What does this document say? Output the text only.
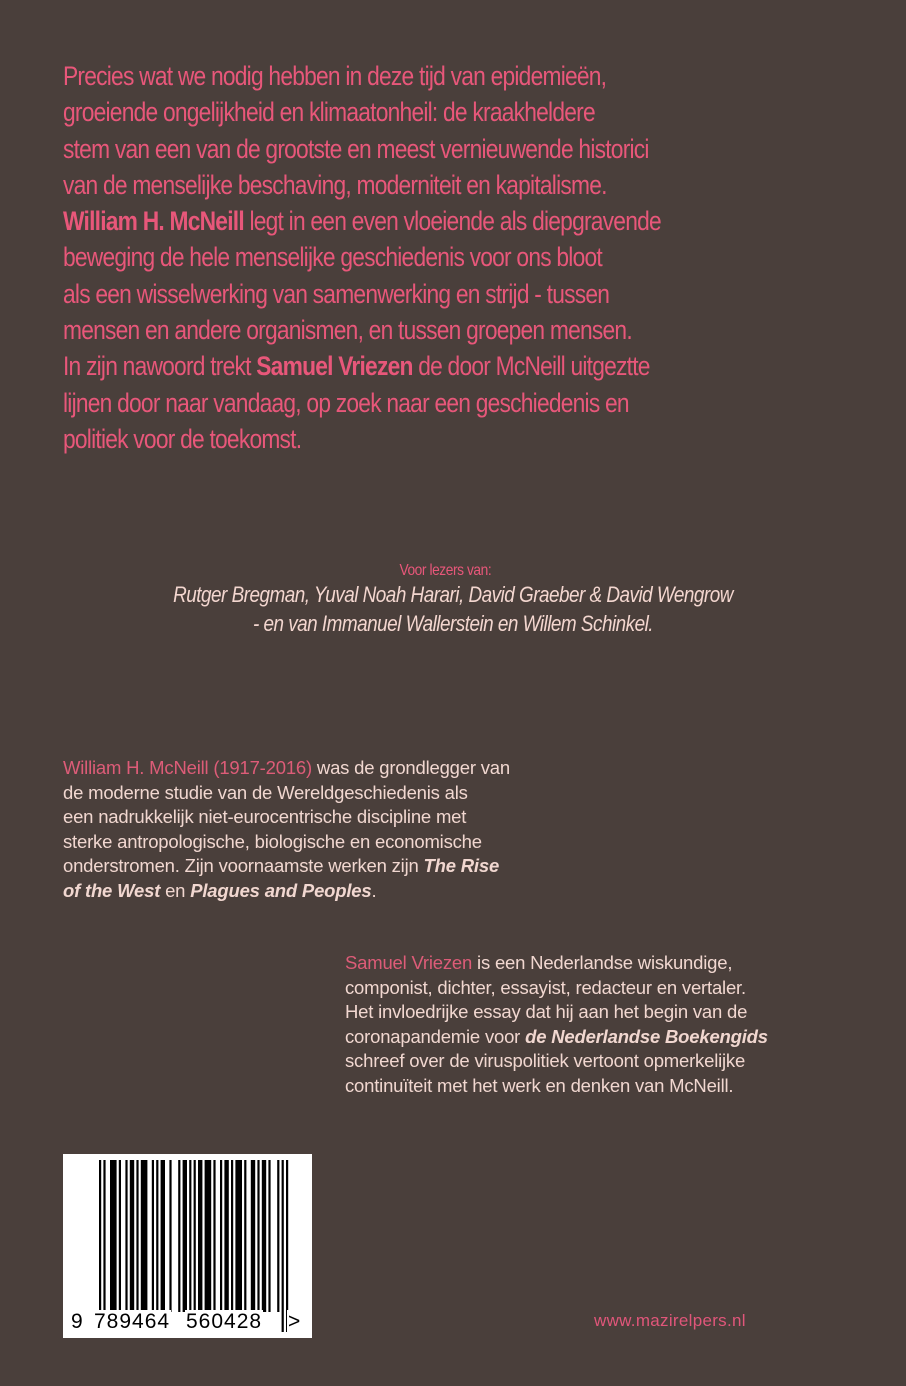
Precies wat we nodig hebben in deze tijd van epidemieën,
groeiende ongelijkheid en klimaatonheil: de kraakheldere
stem van een van de grootste en meest vernieuwende historici
van de menselijke beschaving, moderniteit en kapitalisme.
William H. McNeill legt in een even vloeiende als diepgravende
beweging de hele menselijke geschiedenis voor ons bloot
als een wisselwerking van samenwerking en strijd - tussen
mensen en andere organismen, en tussen groepen mensen.
In zijn nawoord trekt Samuel Vriezen de door McNeill uitgeztte
lijnen door naar vandaag, op zoek naar een geschiedenis en
politiek voor de toekomst.
Voor lezers van:
Rutger Bregman, Yuval Noah Harari, David Graeber & David Wengrow
- en van Immanuel Wallerstein en Willem Schinkel.
William H. McNeill (1917-2016) was de grondlegger van
de moderne studie van de Wereldgeschiedenis als
een nadrukkelijk niet-eurocentrische discipline met
sterke antropologische, biologische en economische
onderstromen. Zijn voornaamste werken zijn The Rise
of the West en Plagues and Peoples.
Samuel Vriezen is een Nederlandse wiskundige,
componist, dichter, essayist, redacteur en vertaler.
Het invloedrijke essay dat hij aan het begin van de
coronapandemie voor de Nederlandse Boekengids
schreef over de viruspolitiek vertoont opmerkelijke
continuïteit met het werk en denken van McNeill.
9 789464 560428 >	www.mazirelpers.nl
